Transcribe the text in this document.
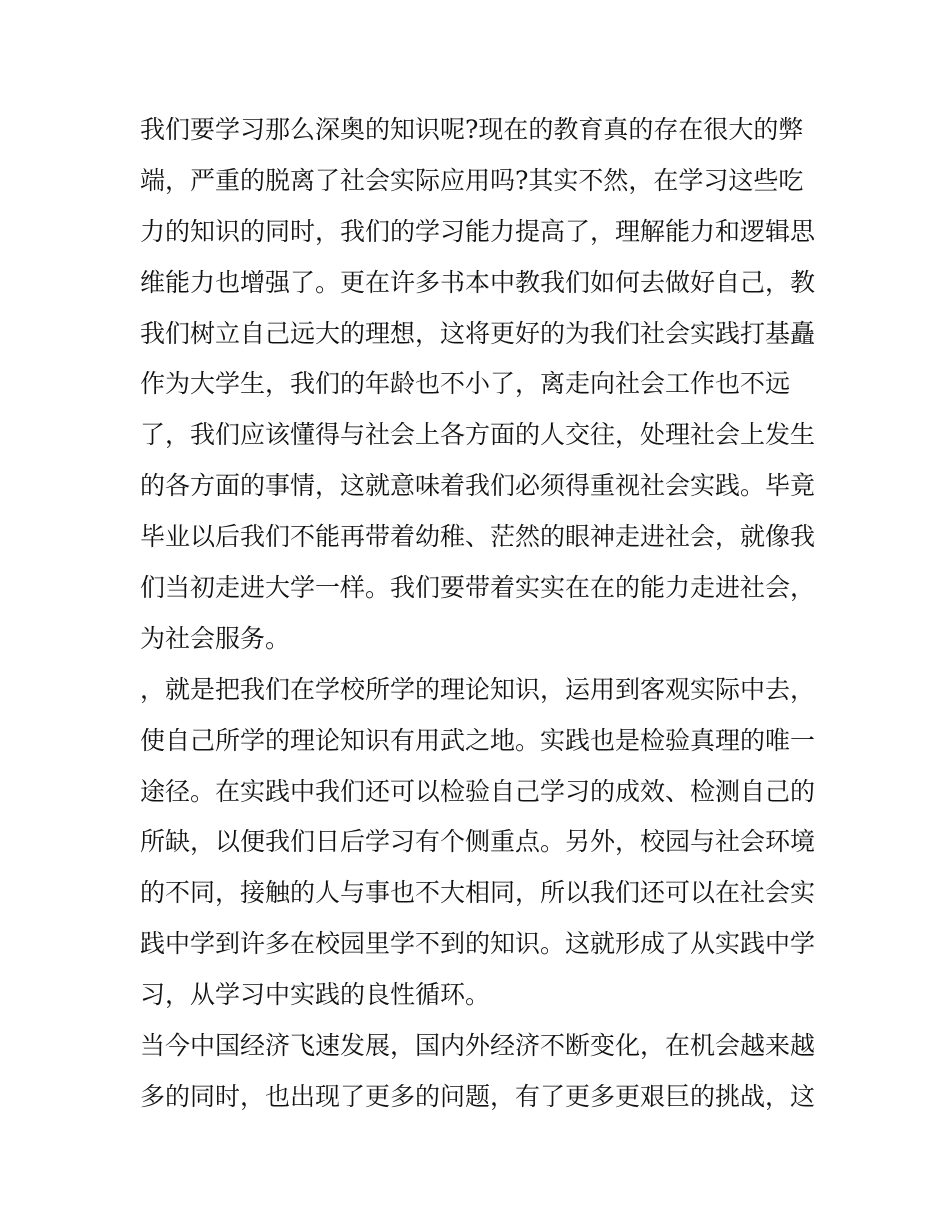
我们要学习那么深奥的知识呢?现在的教育真的存在很大的弊
端，严重的脱离了社会实际应用吗?其实不然，在学习这些吃
力的知识的同时，我们的学习能力提高了，理解能力和逻辑思
维能力也增强了。更在许多书本中教我们如何去做好自己，教
我们树立自己远大的理想，这将更好的为我们社会实践打基矗
作为大学生，我们的年龄也不小了，离走向社会工作也不远
了，我们应该懂得与社会上各方面的人交往，处理社会上发生
的各方面的事情，这就意味着我们必须得重视社会实践。毕竟
毕业以后我们不能再带着幼稚、茫然的眼神走进社会，就像我
们当初走进大学一样。我们要带着实实在在的能力走进社会，
为社会服务。
，就是把我们在学校所学的理论知识，运用到客观实际中去，
使自己所学的理论知识有用武之地。实践也是检验真理的唯一
途径。在实践中我们还可以检验自己学习的成效、检测自己的
所缺，以便我们日后学习有个侧重点。另外，校园与社会环境
的不同，接触的人与事也不大相同，所以我们还可以在社会实
践中学到许多在校园里学不到的知识。这就形成了从实践中学
习，从学习中实践的良性循环。
当今中国经济飞速发展，国内外经济不断变化，在机会越来越
多的同时，也出现了更多的问题，有了更多更艰巨的挑战，这
